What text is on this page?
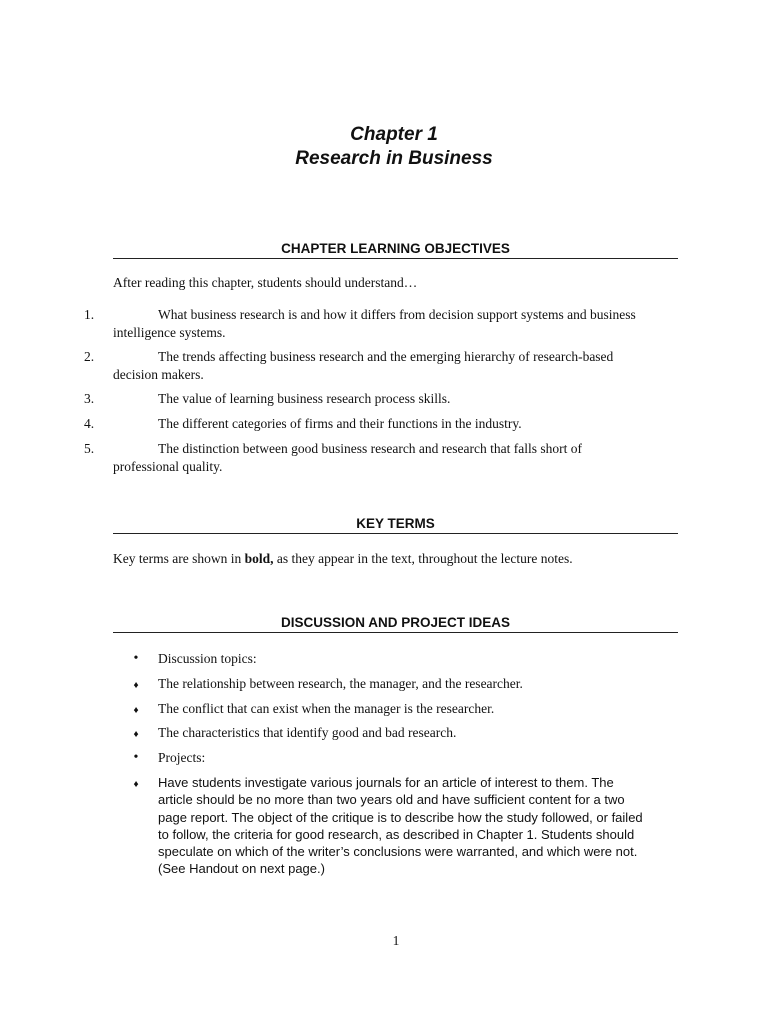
Chapter 1
Research in Business
CHAPTER LEARNING OBJECTIVES

After reading this chapter, students should understand…

1.	What business research is and how it differs from decision support systems and business intelligence systems.
2.	The trends affecting business research and the emerging hierarchy of research-based decision makers.
3.	The value of learning business research process skills.
4.	The different categories of firms and their functions in the industry.
5.	The distinction between good business research and research that falls short of professional quality.
KEY TERMS

Key terms are shown in bold, as they appear in the text, throughout the lecture notes.

DISCUSSION AND PROJECT IDEAS
• Discussion topics:
♦ The relationship between research, the manager, and the researcher.
♦ The conflict that can exist when the manager is the researcher.
♦ The characteristics that identify good and bad research.
• Projects:
♦ Have students investigate various journals for an article of interest to them. The article should be no more than two years old and have sufficient content for a two page report. The object of the critique is to describe how the study followed, or failed to follow, the criteria for good research, as described in Chapter 1. Students should speculate on which of the writer’s conclusions were warranted, and which were not. (See Handout on next page.)
1
